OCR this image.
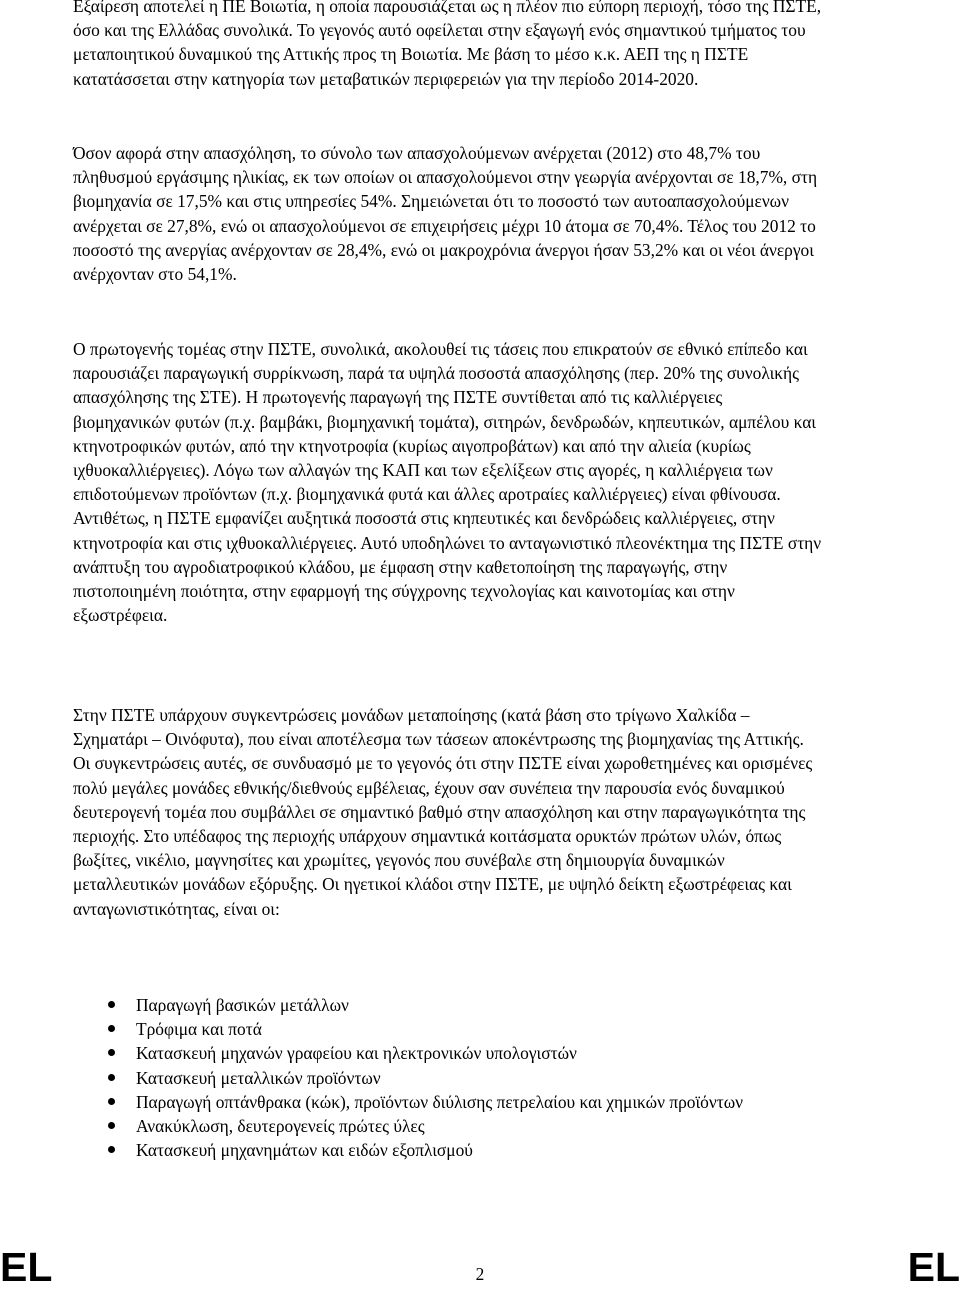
Εξαίρεση αποτελεί η ΠΕ Βοιωτία, η οποία παρουσιάζεται ως η πλέον πιο εύπορη περιοχή, τόσο της ΠΣΤΕ, όσο και της Ελλάδας συνολικά. Το γεγονός αυτό οφείλεται στην εξαγωγή ενός σημαντικού τμήματος του μεταποιητικού δυναμικού της Αττικής προς τη Βοιωτία. Με βάση το μέσο κ.κ. ΑΕΠ της η ΠΣΤΕ κατατάσσεται στην κατηγορία των μεταβατικών περιφερειών για την περίοδο 2014-2020.

Όσον αφορά στην απασχόληση, το σύνολο των απασχολούμενων ανέρχεται (2012) στο 48,7% του πληθυσμού εργάσιμης ηλικίας, εκ των οποίων οι απασχολούμενοι στην γεωργία ανέρχονται σε 18,7%, στη βιομηχανία σε 17,5% και στις υπηρεσίες 54%. Σημειώνεται ότι το ποσοστό των αυτοαπασχολούμενων ανέρχεται σε 27,8%, ενώ οι απασχολούμενοι σε επιχειρήσεις μέχρι 10 άτομα σε 70,4%. Τέλος του 2012 το ποσοστό της ανεργίας ανέρχονταν σε 28,4%, ενώ οι μακροχρόνια άνεργοι ήσαν 53,2% και οι νέοι άνεργοι ανέρχονταν στο 54,1%.

Ο πρωτογενής τομέας στην ΠΣΤΕ, συνολικά, ακολουθεί τις τάσεις που επικρατούν σε εθνικό επίπεδο και παρουσιάζει παραγωγική συρρίκνωση, παρά τα υψηλά ποσοστά απασχόλησης (περ. 20% της συνολικής απασχόλησης της ΣΤΕ). Η πρωτογενής παραγωγή της ΠΣΤΕ συντίθεται από τις καλλιέργειες βιομηχανικών φυτών (π.χ. βαμβάκι, βιομηχανική τομάτα), σιτηρών, δενδρωδών, κηπευτικών, αμπέλου και κτηνοτροφικών φυτών, από την κτηνοτροφία (κυρίως αιγοπροβάτων) και από την αλιεία (κυρίως ιχθυοκαλλιέργειες). Λόγω των αλλαγών της ΚΑΠ και των εξελίξεων στις αγορές, η καλλιέργεια των επιδοτούμενων προϊόντων (π.χ. βιομηχανικά φυτά και άλλες αροτραίες καλλιέργειες) είναι φθίνουσα. Αντιθέτως, η ΠΣΤΕ εμφανίζει αυξητικά ποσοστά στις κηπευτικές και δενδρώδεις καλλιέργειες, στην κτηνοτροφία και στις ιχθυοκαλλιέργειες. Αυτό υποδηλώνει το ανταγωνιστικό πλεονέκτημα της ΠΣΤΕ στην ανάπτυξη του αγροδιατροφικού κλάδου, με έμφαση στην καθετοποίηση της παραγωγής, στην πιστοποιημένη ποιότητα, στην εφαρμογή της σύγχρονης τεχνολογίας και καινοτομίας και στην εξωστρέφεια.

Στην ΠΣΤΕ υπάρχουν συγκεντρώσεις μονάδων μεταποίησης (κατά βάση στο τρίγωνο Χαλκίδα – Σχηματάρι – Οινόφυτα), που είναι αποτέλεσμα των τάσεων αποκέντρωσης της βιομηχανίας της Αττικής. Οι συγκεντρώσεις αυτές, σε συνδυασμό με το γεγονός ότι στην ΠΣΤΕ είναι χωροθετημένες και ορισμένες πολύ μεγάλες μονάδες εθνικής/διεθνούς εμβέλειας, έχουν σαν συνέπεια την παρουσία ενός δυναμικού δευτερογενή τομέα που συμβάλλει σε σημαντικό βαθμό στην απασχόληση και στην παραγωγικότητα της περιοχής. Στο υπέδαφος της περιοχής υπάρχουν σημαντικά κοιτάσματα ορυκτών πρώτων υλών, όπως βωξίτες, νικέλιο, μαγνησίτες και χρωμίτες, γεγονός που συνέβαλε στη δημιουργία δυναμικών μεταλλευτικών μονάδων εξόρυξης. Οι ηγετικοί κλάδοι στην ΠΣΤΕ, με υψηλό δείκτη εξωστρέφειας και ανταγωνιστικότητας, είναι οι:

Παραγωγή βασικών μετάλλων
Τρόφιμα και ποτά
Κατασκευή μηχανών γραφείου και ηλεκτρονικών υπολογιστών
Κατασκευή μεταλλικών προϊόντων
Παραγωγή οπτάνθρακα (κώκ), προϊόντων διύλισης πετρελαίου και χημικών προϊόντων
Ανακύκλωση, δευτερογενείς πρώτες ύλες
Κατασκευή μηχανημάτων και ειδών εξοπλισμού
EL	2	EL
